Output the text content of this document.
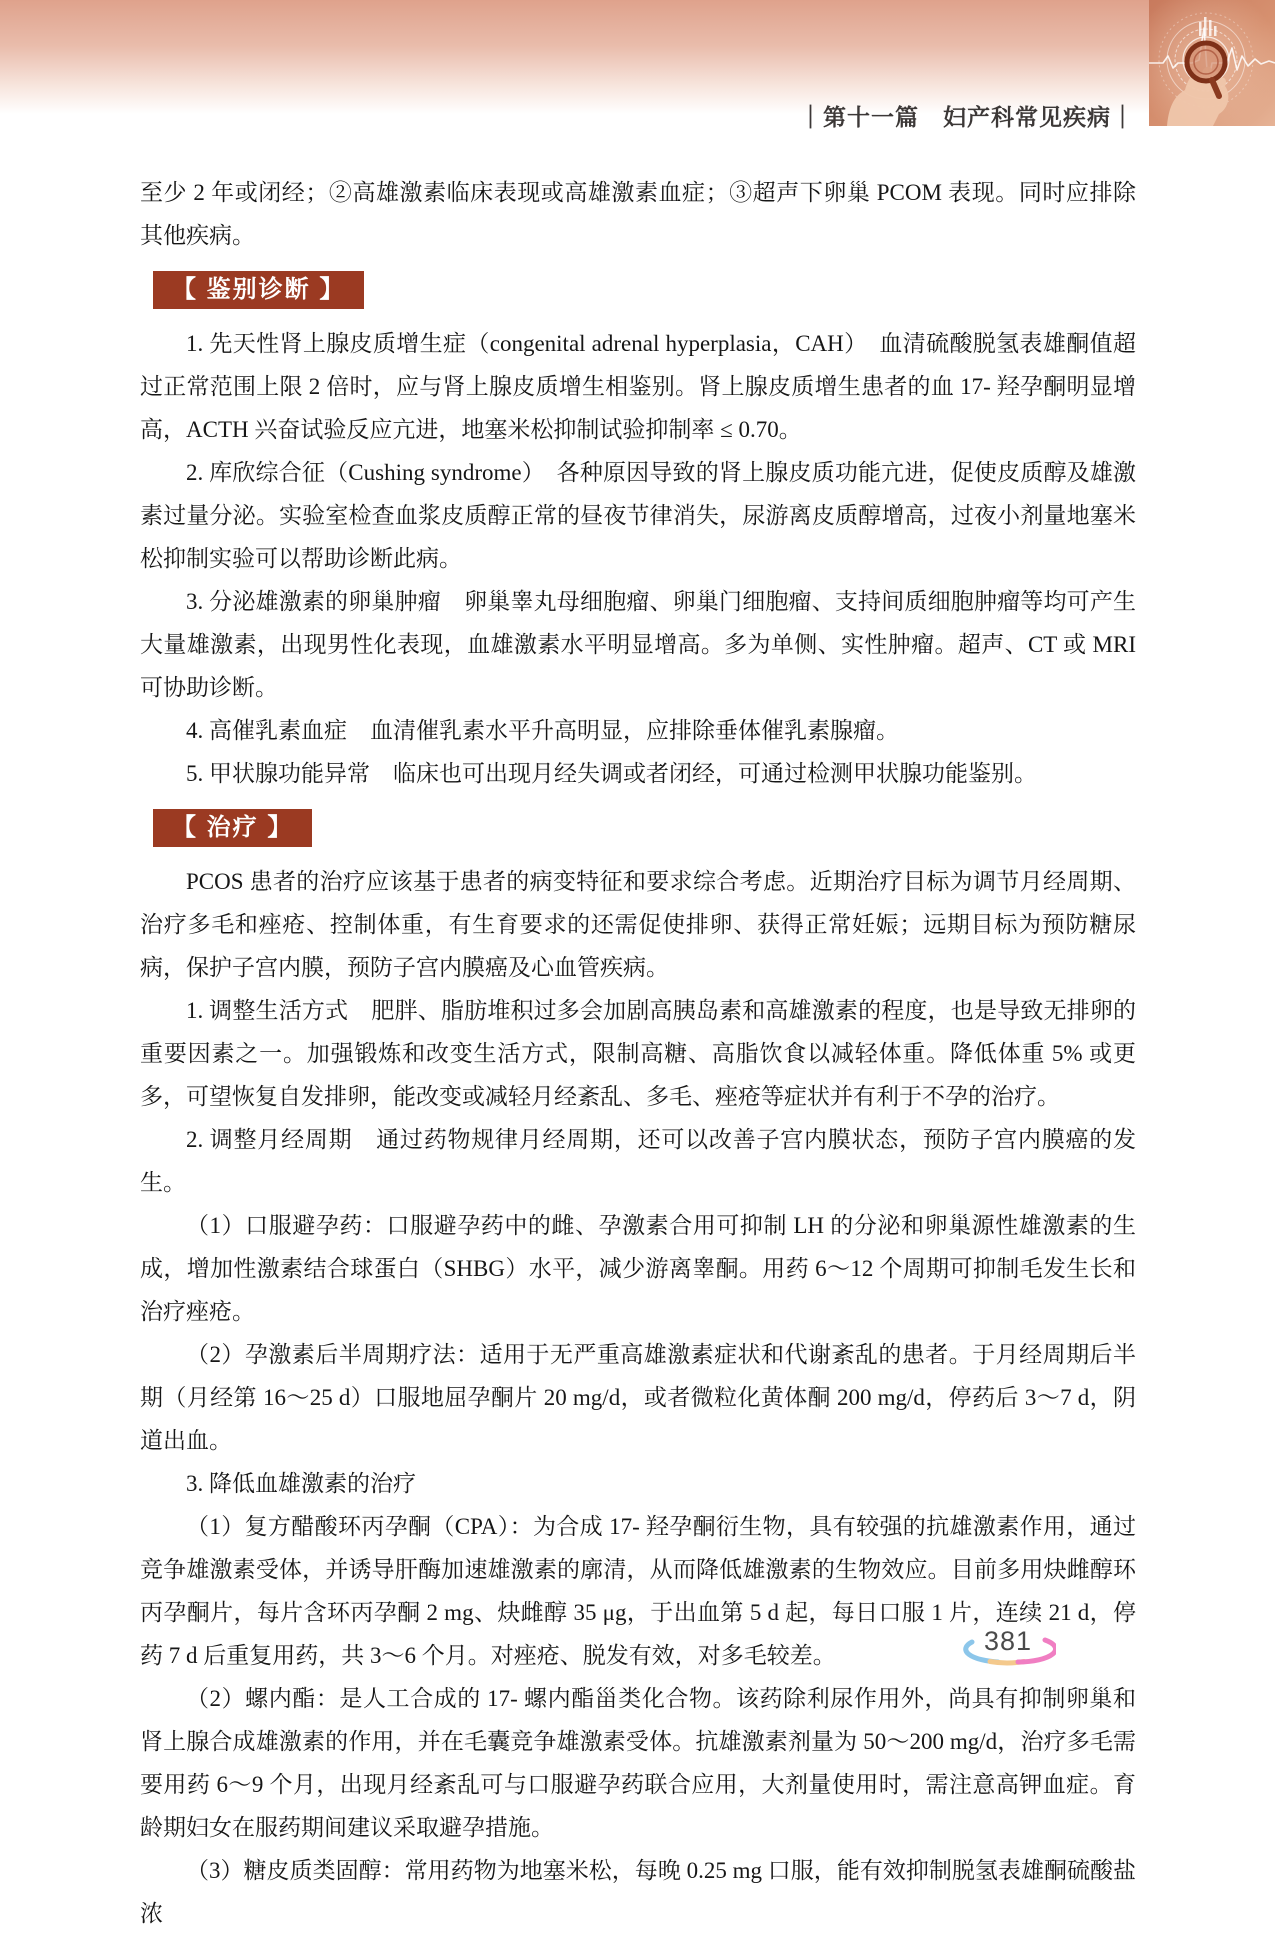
｜第十一篇　妇产科常见疾病｜

至少 2 年或闭经；②高雄激素临床表现或高雄激素血症；③超声下卵巢 PCOM 表现。同时应排除其他疾病。

【 鉴别诊断 】

1. 先天性肾上腺皮质增生症（congenital adrenal hyperplasia，CAH）　血清硫酸脱氢表雄酮值超过正常范围上限 2 倍时，应与肾上腺皮质增生相鉴别。肾上腺皮质增生患者的血 17- 羟孕酮明显增高，ACTH 兴奋试验反应亢进，地塞米松抑制试验抑制率 ≤ 0.70。

2. 库欣综合征（Cushing syndrome）　各种原因导致的肾上腺皮质功能亢进，促使皮质醇及雄激素过量分泌。实验室检查血浆皮质醇正常的昼夜节律消失，尿游离皮质醇增高，过夜小剂量地塞米松抑制实验可以帮助诊断此病。

3. 分泌雄激素的卵巢肿瘤　卵巢睾丸母细胞瘤、卵巢门细胞瘤、支持间质细胞肿瘤等均可产生大量雄激素，出现男性化表现，血雄激素水平明显增高。多为单侧、实性肿瘤。超声、CT 或 MRI 可协助诊断。

4. 高催乳素血症　血清催乳素水平升高明显，应排除垂体催乳素腺瘤。

5. 甲状腺功能异常　临床也可出现月经失调或者闭经，可通过检测甲状腺功能鉴别。

【 治疗 】

PCOS 患者的治疗应该基于患者的病变特征和要求综合考虑。近期治疗目标为调节月经周期、治疗多毛和痤疮、控制体重，有生育要求的还需促使排卵、获得正常妊娠；远期目标为预防糖尿病，保护子宫内膜，预防子宫内膜癌及心血管疾病。

1. 调整生活方式　肥胖、脂肪堆积过多会加剧高胰岛素和高雄激素的程度，也是导致无排卵的重要因素之一。加强锻炼和改变生活方式，限制高糖、高脂饮食以减轻体重。降低体重 5% 或更多，可望恢复自发排卵，能改变或减轻月经紊乱、多毛、痤疮等症状并有利于不孕的治疗。

2. 调整月经周期　通过药物规律月经周期，还可以改善子宫内膜状态，预防子宫内膜癌的发生。

（1）口服避孕药：口服避孕药中的雌、孕激素合用可抑制 LH 的分泌和卵巢源性雄激素的生成，增加性激素结合球蛋白（SHBG）水平，减少游离睾酮。用药 6～12 个周期可抑制毛发生长和治疗痤疮。

（2）孕激素后半周期疗法：适用于无严重高雄激素症状和代谢紊乱的患者。于月经周期后半期（月经第 16～25 d）口服地屈孕酮片 20 mg/d，或者微粒化黄体酮 200 mg/d，停药后 3～7 d，阴道出血。

3. 降低血雄激素的治疗

（1）复方醋酸环丙孕酮（CPA）：为合成 17- 羟孕酮衍生物，具有较强的抗雄激素作用，通过竞争雄激素受体，并诱导肝酶加速雄激素的廓清，从而降低雄激素的生物效应。目前多用炔雌醇环丙孕酮片，每片含环丙孕酮 2 mg、炔雌醇 35 μg，于出血第 5 d 起，每日口服 1 片，连续 21 d，停药 7 d 后重复用药，共 3～6 个月。对痤疮、脱发有效，对多毛较差。

（2）螺内酯：是人工合成的 17- 螺内酯甾类化合物。该药除利尿作用外，尚具有抑制卵巢和肾上腺合成雄激素的作用，并在毛囊竞争雄激素受体。抗雄激素剂量为 50～200 mg/d，治疗多毛需要用药 6～9 个月，出现月经紊乱可与口服避孕药联合应用，大剂量使用时，需注意高钾血症。育龄期妇女在服药期间建议采取避孕措施。

（3）糖皮质类固醇：常用药物为地塞米松，每晚 0.25 mg 口服，能有效抑制脱氢表雄酮硫酸盐浓

381
